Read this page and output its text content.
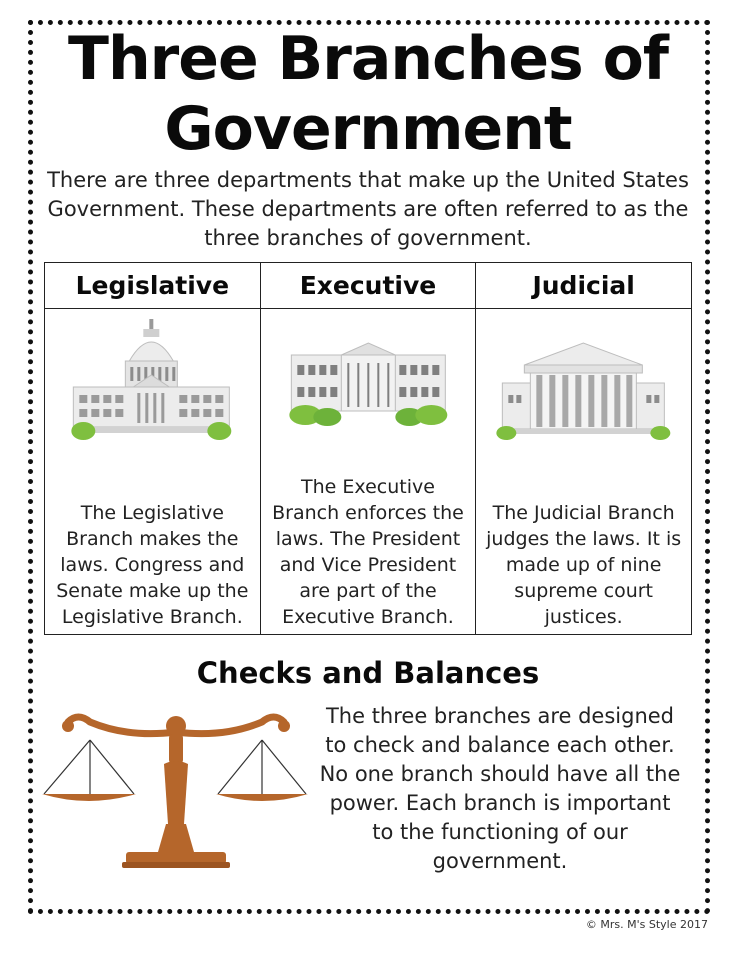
Three Branches of
Government

There are three departments that make up the United States Government. These departments are often referred to as the three branches of government.

Legislative	Executive	Judicial

The Legislative Branch makes the laws. Congress and Senate make up the Legislative Branch.	The Executive Branch enforces the laws. The President and Vice President are part of the Executive Branch.	The Judicial Branch judges the laws. It is made up of nine supreme court justices.

Checks and Balances

The three branches are designed to check and balance each other. No one branch should have all the power. Each branch is important to the functioning of our government.

© Mrs. M's Style 2017
